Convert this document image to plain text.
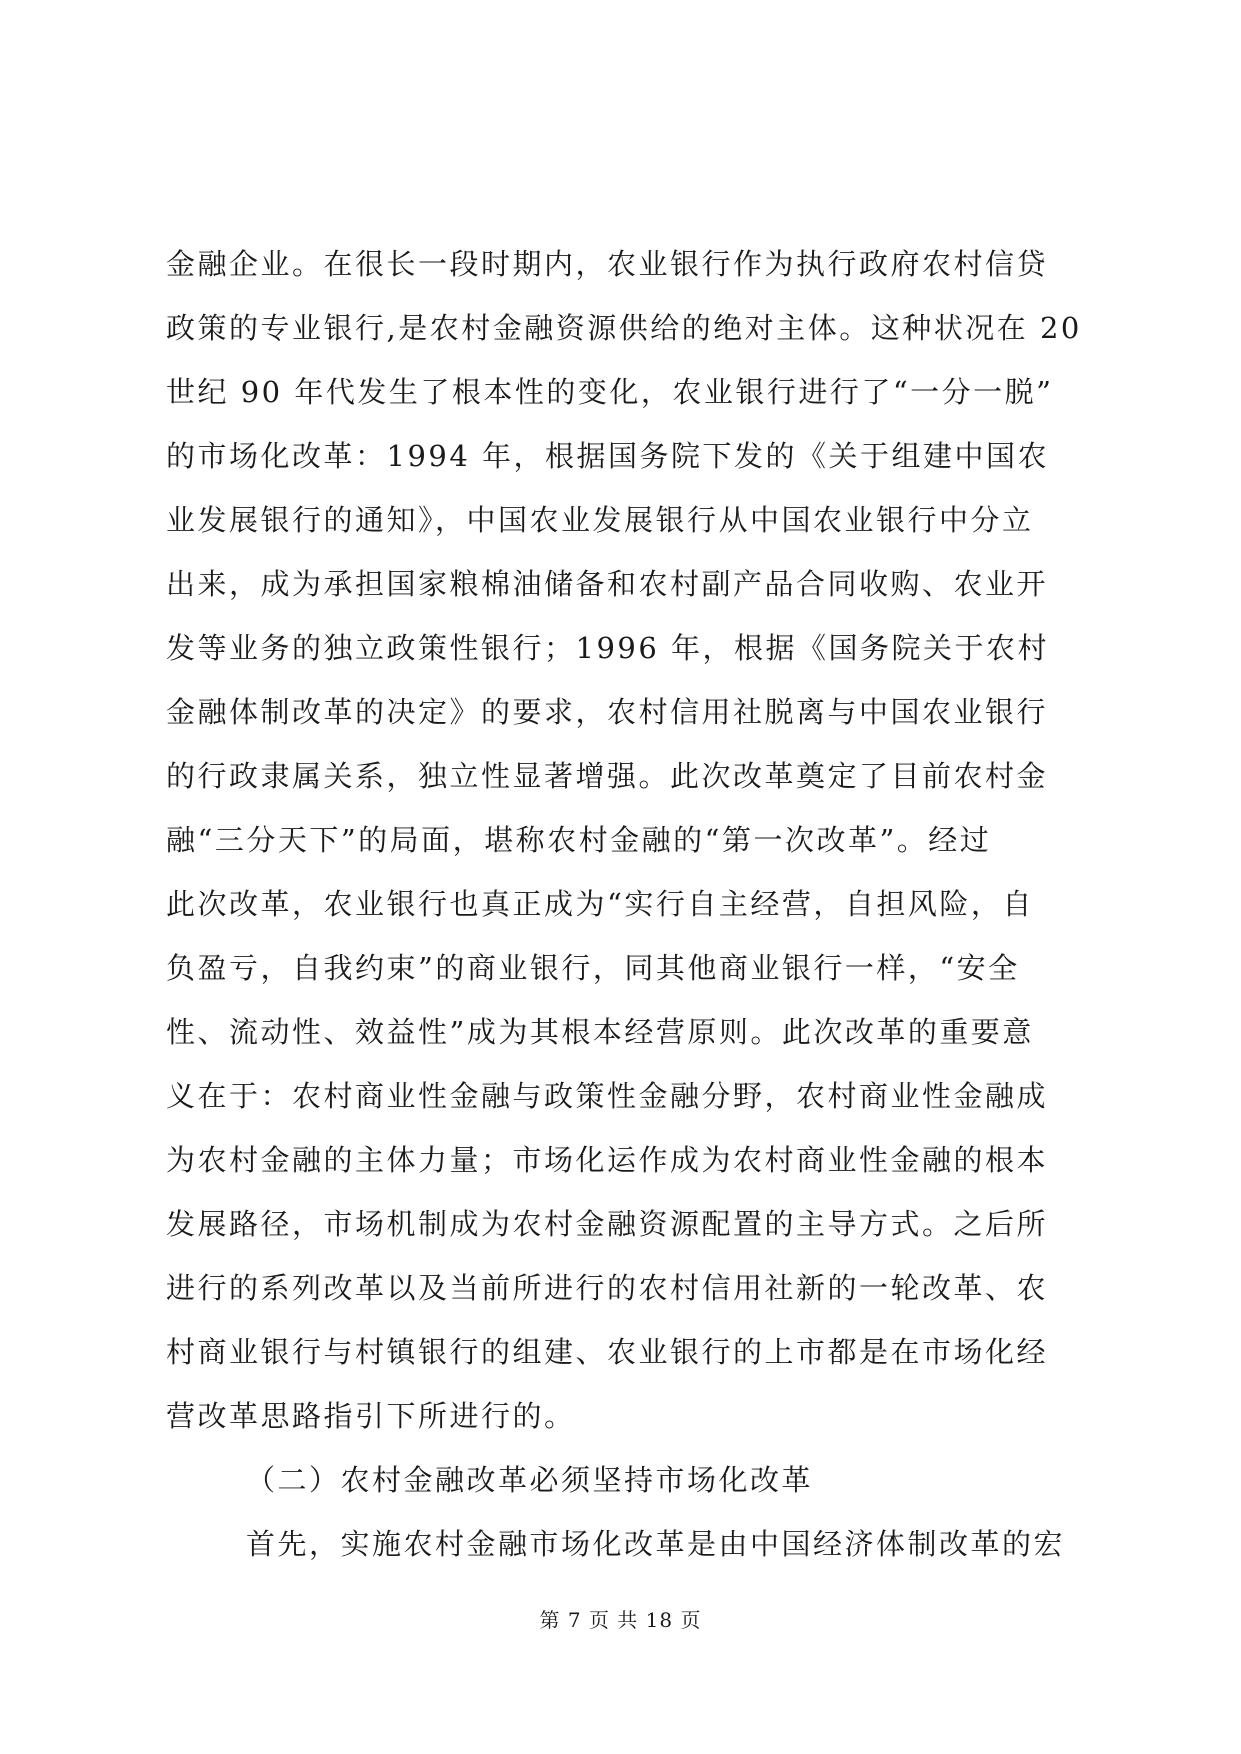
金融企业。在很长一段时期内，农业银行作为执行政府农村信贷
政策的专业银行,是农村金融资源供给的绝对主体。这种状况在 20
世纪 90 年代发生了根本性的变化，农业银行进行了“一分一脱”
的市场化改革：1994 年，根据国务院下发的《关于组建中国农
业发展银行的通知》，中国农业发展银行从中国农业银行中分立
出来，成为承担国家粮棉油储备和农村副产品合同收购、农业开
发等业务的独立政策性银行；1996 年，根据《国务院关于农村
金融体制改革的决定》的要求，农村信用社脱离与中国农业银行
的行政隶属关系，独立性显著增强。此次改革奠定了目前农村金
融“三分天下”的局面，堪称农村金融的“第一次改革”。经过
此次改革，农业银行也真正成为“实行自主经营，自担风险，自
负盈亏，自我约束”的商业银行，同其他商业银行一样，“安全
性、流动性、效益性”成为其根本经营原则。此次改革的重要意
义在于：农村商业性金融与政策性金融分野，农村商业性金融成
为农村金融的主体力量；市场化运作成为农村商业性金融的根本
发展路径，市场机制成为农村金融资源配置的主导方式。之后所
进行的系列改革以及当前所进行的农村信用社新的一轮改革、农
村商业银行与村镇银行的组建、农业银行的上市都是在市场化经
营改革思路指引下所进行的。
（二）农村金融改革必须坚持市场化改革
首先，实施农村金融市场化改革是由中国经济体制改革的宏
第 7 页 共 18 页
